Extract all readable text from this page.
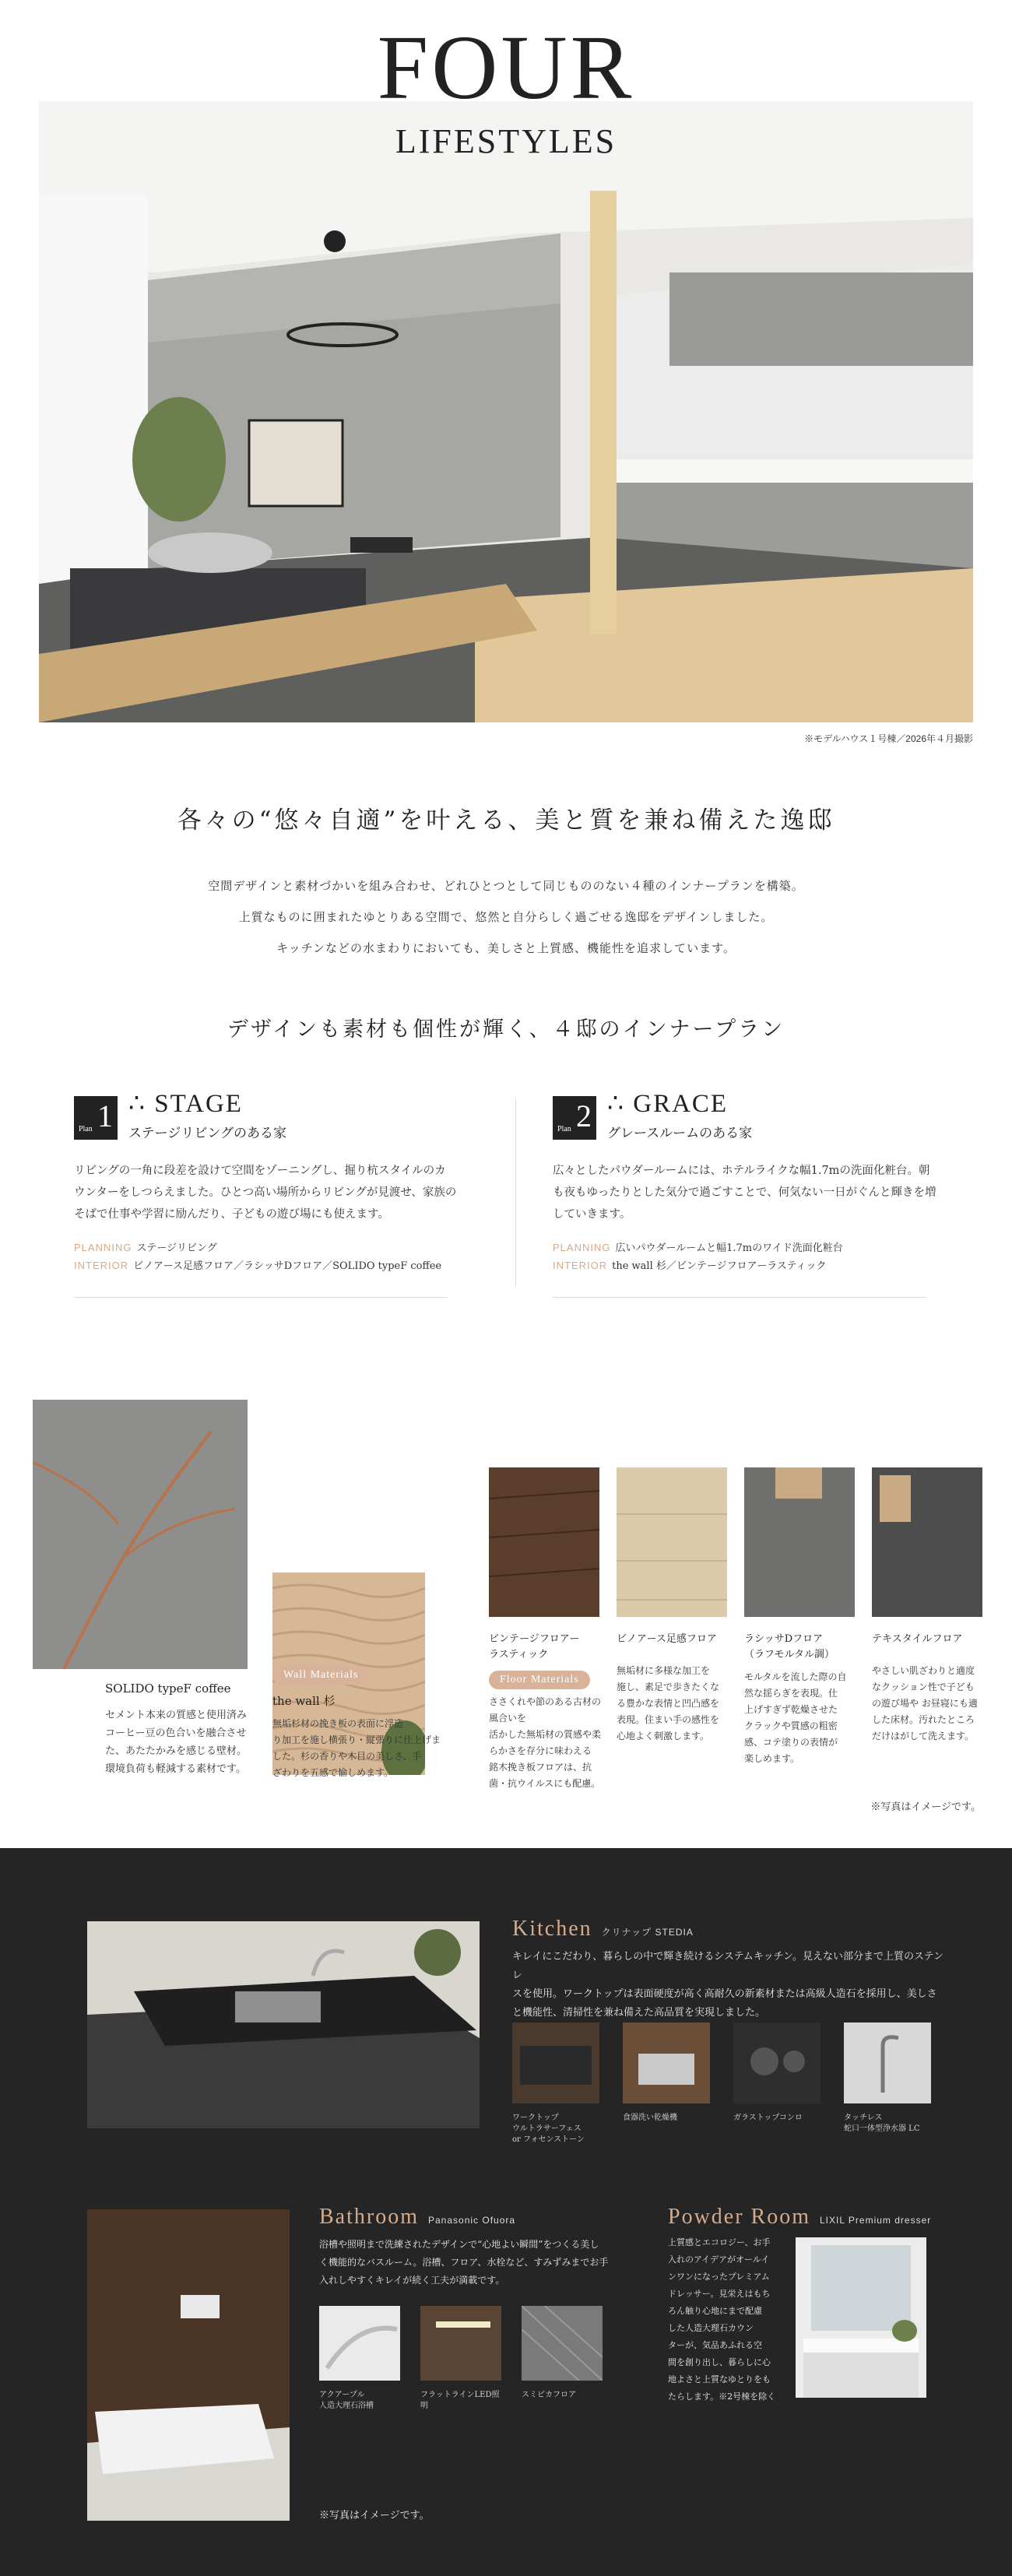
FOUR
LIFESTYLES
※モデルハウス１号棟／2026年４月撮影
各々の“悠々自適”を叶える、美と質を兼ね備えた逸邸
空間デザインと素材づかいを組み合わせ、どれひとつとして同じもののない４種のインナープランを構築。
上質なものに囲まれたゆとりある空間で、悠然と自分らしく過ごせる逸邸をデザインしました。
キッチンなどの水まわりにおいても、美しさと上質感、機能性を追求しています。
デザインも素材も個性が輝く、４邸のインナープラン
Plan 1 ∴ STAGE
ステージリビングのある家
リビングの一角に段差を設けて空間をゾーニングし、掘り杭スタイルのカ
ウンターをしつらえました。ひとつ高い場所からリビングが見渡せ、家族の
そばで仕事や学習に励んだり、子どもの遊び場にも使えます。
PLANNING ステージリビング
INTERIOR ビノアース足感フロア／ラシッサDフロア／SOLIDO typeF coffee
Plan 2 ∴ GRACE
グレースルームのある家
広々としたパウダールームには、ホテルライクな幅1.7mの洗面化粧台。朝
も夜もゆったりとした気分で過ごすことで、何気ない一日がぐんと輝きを増
していきます。
PLANNING 広いパウダールームと幅1.7mのワイド洗面化粧台
INTERIOR the wall 杉／ビンテージフロアーラスティック
SOLIDO typeF coffee
セメント本来の質感と使用済み
コーヒー豆の色合いを融合させ
た、あたたかみを感じる壁材。
環境負荷も軽減する素材です。
Wall Materials
the wall 杉
無垢杉材の挽き板の表面に浮造
り加工を施し横張り・縦張りに仕上げま
した。杉の香りや木目の美しさ、手
ざわりを五感で愉しめます。
ビンテージフロアー
ラスティック
Floor Materials
ささくれや節のある古材の風合いを
活かした無垢材の質感や柔
らかさを存分に味わえる
銘木挽き板フロアは、抗
菌・抗ウイルスにも配慮。
ビノアース足感フロア
無垢材に多様な加工を
施し、素足で歩きたくな
る豊かな表情と凹凸感を
表現。住まい手の感性を
心地よく刺激します。
ラシッサDフロア
（ラフモルタル調）
モルタルを流した際の自
然な揺らぎを表現。仕
上げすぎず乾燥させた
クラックや質感の粗密
感、コテ塗りの表情が
楽しめます。
テキスタイルフロア
やさしい肌ざわりと適度
なクッション性で子ども
の遊び場や お昼寝にも適
した床材。汚れたところ
だけはがして洗えます。
※写真はイメージです。
Kitchen クリナップ STEDIA
キレイにこだわり、暮らしの中で輝き続けるシステムキッチン。見えない部分まで上質のステンレ
スを使用。ワークトップは表面硬度が高く高耐久の新素材または高級人造石を採用し、美しさ
と機能性、清掃性を兼ね備えた高品質を実現しました。
ワークトップ
ウルトラサーフェス
or フォセンストーン
食器洗い乾燥機	ガラストップコンロ	タッチレス
蛇口一体型浄水器 LC
Bathroom Panasonic Ofuora
浴槽や照明まで洗練されたデザインで“心地よい瞬間”をつくる美し
く機能的なバスルーム。浴槽、フロア、水栓など、すみずみまでお手
入れしやすくキレイが続く工夫が満載です。
アクアープル
人造大理石浴槽
フラットラインLED照明
スミピカフロア
※写真はイメージです。
Powder Room LIXIL Premium dresser
上質感とエコロジー、お手
入れのアイデアがオールイ
ンワンになったプレミアム
ドレッサー。見栄えはもち
ろん触り心地にまで配慮
した人造大理石カウン
ターが、気品あふれる空
間を創り出し、暮らしに心
地よさと上質なゆとりをも
たらします。※2号棟を除く
